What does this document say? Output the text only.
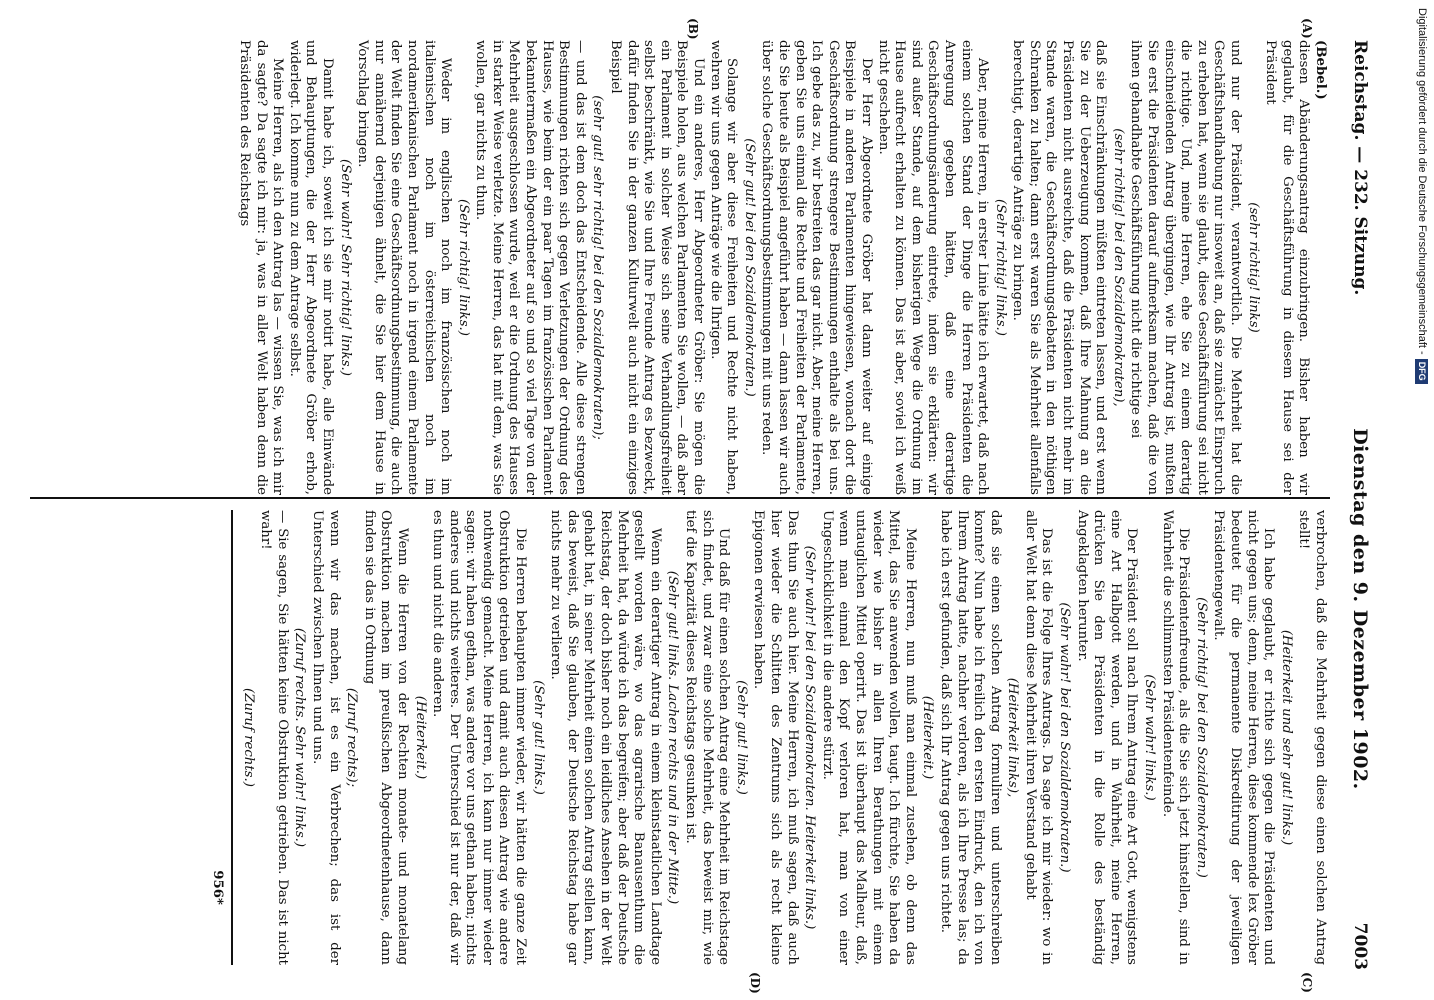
Reichstag. — 232. Sitzung.
Dienstag den 9. Dezember 1902.
7003
(A)
(B)
(C)
(D)
(Bebel.)

diesen Abänderungsantrag einzubringen. Bisher haben wir geglaubt, für die Geschäftsführung in diesem Hause sei der Präsident

(sehr richtig! links)

und nur der Präsident, verantwortlich. Die Mehrheit hat die Geschäftshandhabung nur insoweit an, daß sie zunächst Einspruch zu erheben hat, wenn sie glaubt, diese Geschäftsführung sei nicht die richtige. Und, meine Herren, ehe Sie zu einem derartig einschneidenden Antrag übergingen, wie Ihr Antrag ist, mußten Sie erst die Präsidenten darauf aufmerksam machen, daß die von ihnen gehandhabte Geschäftsführung nicht die richtige sei

(sehr richtig! bei den Sozialdemokraten),

daß sie Einschränkungen müßten eintreten lassen, und erst wenn Sie zu der Ueberzeugung kommen, daß Ihre Mahnung an die Präsidenten nicht ausreichte, daß die Präsidenten nicht mehr im Stande waren, die Geschäftsordnungsdebatten in den nöthigen Schranken zu halten; dann erst waren Sie als Mehrheit allenfalls berechtigt, derartige Anträge zu bringen.

(Sehr richtig! links.)

Aber, meine Herren, in erster Linie hätte ich erwartet, daß nach einem solchen Stand der Dinge die Herren Präsidenten die Anregung gegeben hätten, daß eine derartige Geschäftsordnungsänderung eintrete, indem sie erklärten: wir sind außer Stande, auf dem bisherigen Wege die Ordnung im Hause aufrecht erhalten zu können. Das ist aber, soviel ich weiß nicht geschehen.

Der Herr Abgeordnete Gröber hat dann weiter auf einige Beispiele in anderen Parlamenten hingewiesen, wonach dort die Geschäftsordnung strengere Bestimmungen enthalte als bei uns. Ich gebe das zu, wir bestreiten das gar nicht. Aber, meine Herren, geben Sie uns einmal die Rechte und Freiheiten der Parlamente, die Sie heute als Beispiel angeführt haben — dann lassen wir auch über solche Geschäftsordnungsbestimmungen mit uns reden.

(Sehr gut! bei den Sozialdemokraten.)

Solange wir aber diese Freiheiten und Rechte nicht haben, wehren wir uns gegen Anträge wie die Ihrigen.

Und ein anderes, Herr Abgeordneter Gröber: Sie mögen die Beispiele holen, aus welchen Parlamenten Sie wollen, — daß aber ein Parlament in solcher Weise sich seine Verhandlungsfreiheit selbst beschränkt, wie Sie und Ihre Freunde Antrag es bezweckt, dafür finden Sie in der ganzen Kulturwelt auch nicht ein einziges Beispiel

(sehr gut! sehr richtig! bei den Sozialdemokraten);

— und das ist dem doch das Entscheidende. Alle diese strengen Bestimmungen richten sich gegen Verletzungen der Ordnung des Hauses, wie beim der ein paar Tagen im französischen Parlament bekanntermaßen ein Abgeordneter auf so und so viel Tage von der Mehrheit ausgeschlossen wurde, weil er die Ordnung des Hauses in starker Weise verletzte. Meine Herren, das hat mit dem, was Sie wollen, gar nichts zu thun.

(Sehr richtig! links.)

Weder im englischen noch im französischen noch im italienischen noch im österreichischen noch im nordamerikanischen Parlament noch in irgend einem Parlamente der Welt finden Sie eine Geschäftsordnungsbestimmung, die auch nur annähernd derjenigen ähnelt, die Sie hier dem Hause in Vorschlag bringen.

(Sehr wahr! Sehr richtig! links.)

Damit habe ich, soweit ich sie mir notirt habe, alle Einwände und Behauptungen, die der Herr Abgeordnete Gröber erhob, widerlegt. Ich komme nun zu dem Antrage selbst.

Meine Herren, als ich den Antrag las — wissen Sie, was ich mir da sagte? Da sagte ich mir: ja, was in aller Welt haben denn die Präsidenten des Reichstags

verbrochen, daß die Mehrheit gegen diese einen solchen Antrag stellt!

(Heiterkeit und sehr gut! links.)

Ich habe geglaubt, er richte sich gegen die Präsidenten und nicht gegen uns; denn, meine Herren, diese kommende lex Gröber bedeutet für die permanente Diskreditirung der jeweiligen Präsidentengewalt.

(Sehr richtig! bei den Sozialdemokraten.)

Die Präsidentenfreunde, als die Sie sich jetzt hinstellen, sind in Wahrheit die schlimmsten Präsidentenfeinde.

(Sehr wahr! links.)

Der Präsident soll nach Ihrem Antrag eine Art Gott, wenigstens eine Art Halbgott werden, und in Wahrheit, meine Herren, drücken Sie den Präsidenten in die Rolle des beständig Angeklagten herunter.

(Sehr wahr! bei den Sozialdemokraten.)

Das ist die Folge Ihres Antrags. Da sage ich mir wieder: wo in aller Welt hat denn diese Mehrheit ihren Verstand gehabt

(Heiterkeit links),

daß sie einen solchen Antrag formuliren und unterschreiben konnte? Nun habe ich freilich den ersten Eindruck, den ich von Ihrem Antrag hatte, nachher verloren, als ich Ihre Presse las; da habe ich erst gefunden, daß sich Ihr Antrag gegen uns richtet.

(Heiterkeit.)

Meine Herren, nun muß man einmal zusehen, ob denn das Mittel, das Sie anwenden wollen, taugt. Ich fürchte, Sie haben da wieder wie bisher in allen Ihren Berathungen mit einem untauglichen Mittel operirt. Das ist überhaupt das Malheur, daß, wenn man einmal den Kopf verloren hat, man von einer Ungeschicklichkeit in die andere stürzt.

(Sehr wahr! bei den Sozialdemokraten. Heiterkeit links.)

Das thun Sie auch hier. Meine Herren, ich muß sagen, daß auch hier wieder die Schlitten des Zentrums sich als recht kleine Epigonen erwiesen haben.

(Sehr gut! links.)

Und daß für einen solchen Antrag eine Mehrheit im Reichstage sich findet, und zwar eine solche Mehrheit, das beweist mir, wie tief die Kapazität dieses Reichstags gesunken ist.

(Sehr gut! links. Lachen rechts und in der Mitte.)

Wenn ein derartiger Antrag in einem kleinstaatlichen Landtage gestellt worden wäre, wo das agrarische Banausenthum die Mehrheit hat, da würde ich das begreifen; aber daß der Deutsche Reichstag, der doch bisher noch ein leidliches Ansehen in der Welt gehabt hat, in seiner Mehrheit einen solchen Antrag stellen kann, das beweist, daß Sie glauben, der Deutsche Reichstag habe gar nichts mehr zu verlieren.

(Sehr gut! links.)

Die Herren behaupten immer wieder, wir hätten die ganze Zeit Obstruktion getrieben und damit auch diesen Antrag wie andere nothwendig gemacht. Meine Herren, ich kann nur immer wieder sagen: wir haben gethan, was andere vor uns gethan haben; nichts anderes und nichts weiteres. Der Unterschied ist nur der, daß wir es thun und nicht die anderen.

(Heiterkeit.)

Wenn die Herren von der Rechten monate- und monatelang Obstruktion machen im preußischen Abgeordnetenhause, dann finden sie das in Ordnung

(Zuruf rechts);

wenn wir das machen, ist es ein Verbrechen; das ist der Unterschied zwischen Ihnen und uns.

(Zuruf rechts. Sehr wahr! links.)

— Sie sagen, Sie hätten keine Obstruktion getrieben. Das ist nicht wahr!

(Zuruf rechts.)

956*
Digitalisierung gefördert durch die Deutsche Forschungsgemeinschaft -
DFG
